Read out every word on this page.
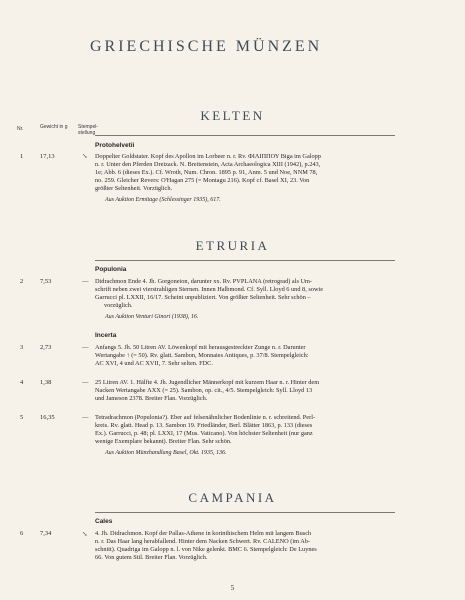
GRIECHISCHE MÜNZEN
KELTEN
Nr.	Gewicht in g Stempel-stellung
Protohelvetii
1	17,13	↘ Doppelter Goldstater. Kopf des Apollon im Lorbeer n. r. Rv. ΦΙΛΙΠΠΟΥ Biga im Galopp

n. r. Unter den Pferden Dreizack. N. Breitenstein, Acta Archaeologica XIII (1942), p.243,

1e; Abb. 6 (dieses Ex.). Cf. Wroth, Num. Chron. 1895 p. 91, Anm. 5 und Noe, NNM 78,

no. 259. Gleicher Revers: O'Hagan 275 (= Montagu 216). Kopf cf. Basel XI, 23. Von

größter Seltenheit. Vorzüglich.

Aus Auktion Ermitage (Schlessinger 1935), 617.
ETRURIA
Populonia
2	7,53	— Didrachmon Ende 4. Jh. Gorgoneion, darunter xx. Rv. PVPLANA (retrograd) als Um-

schrift neben zwei vierstrahligen Sternen. Innen Halbmond. Cf. Syll. Lloyd 6 und 8, sowie

Garrucci pl. LXXII, 16/17. Scheint unpubliziert. Von größter Seltenheit. Sehr schön –

vorzüglich.

Aus Auktion Venturi Ginori (1938), 16.
Incerta
3	2,73	— Anfangs 5. Jh. 50 Litren AV. Löwenkopf mit herausgestreckter Zunge n. r. Darunter

Wertangabe ↑ (= 50). Rv. glatt. Sambon, Monnaies Antiques, p. 37/8. Stempelgleich:

AC XVI, 4 und AC XVII, 7. Sehr selten. FDC.

4	1,38	— 25 Litren AV. 1. Hälfte 4. Jh. Jugendlicher Männerkopf mit kurzem Haar n. r. Hinter dem

Nacken Wertangabe ΛXX (= 25). Sambon, op. cit., 4/5. Stempelgleich: Syll. Lloyd 13

und Jameson 2378. Breiter Flan. Vorzüglich.

5	16,35	— Tetradrachmon (Populonia?). Eber auf felsenähnlicher Bodenlinie n. r. schreitend. Perl-

kreis. Rv. glatt. Head p. 13. Sambon 19. Friedländer, Berl. Blätter 1863, p. 133 (dieses

Ex.). Garrucci, p. 48; pl. LXXI, 17 (Mus. Vaticano). Von höchster Seltenheit (nur ganz

wenige Exemplare bekannt). Breiter Flan. Sehr schön.

Aus Auktion Münzhandlung Basel, Okt. 1935, 136.
CAMPANIA
Cales
6	7,34	↘ 4. Jh. Didrachmon. Kopf der Pallas-Athene in korinthischem Helm mit langem Busch

n. r. Das Haar lang herabfallend. Hinter dem Nacken Schwert. Rv. CALENO (im Ab-

schnitt). Quadriga im Galopp n. l. von Nike gelenkt. BMC 6. Stempelgleich: De Luynes

66. Von gutem Stil. Breiter Flan. Vorzüglich.

5
